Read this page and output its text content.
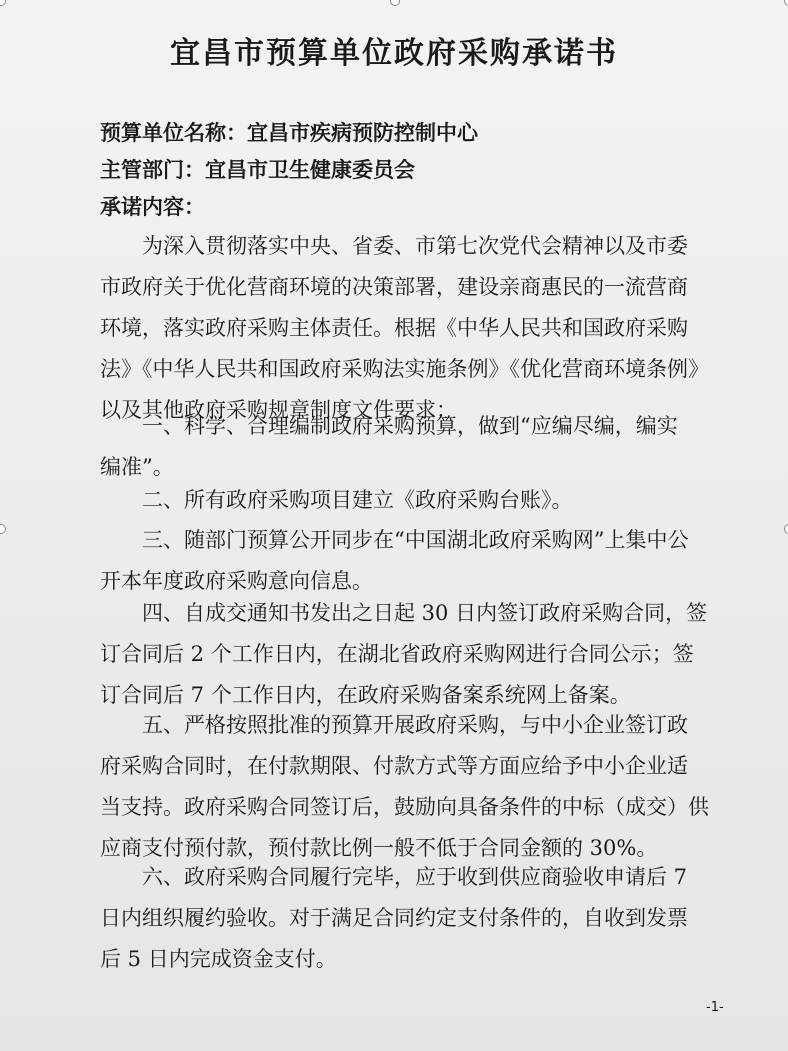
宜昌市预算单位政府采购承诺书
预算单位名称：宜昌市疾病预防控制中心
主管部门：宜昌市卫生健康委员会
承诺内容：
为深入贯彻落实中央、省委、市第七次党代会精神以及市委
市政府关于优化营商环境的决策部署，建设亲商惠民的一流营商
环境，落实政府采购主体责任。根据《中华人民共和国政府采购
法》《中华人民共和国政府采购法实施条例》《优化营商环境条例》
以及其他政府采购规章制度文件要求：
一、科学、合理编制政府采购预算，做到“应编尽编，编实
编准”。
二、所有政府采购项目建立《政府采购台账》。
三、随部门预算公开同步在“中国湖北政府采购网”上集中公
开本年度政府采购意向信息。
四、自成交通知书发出之日起 30 日内签订政府采购合同，签
订合同后 2 个工作日内，在湖北省政府采购网进行合同公示；签
订合同后 7 个工作日内，在政府采购备案系统网上备案。
五、严格按照批准的预算开展政府采购，与中小企业签订政
府采购合同时，在付款期限、付款方式等方面应给予中小企业适
当支持。政府采购合同签订后，鼓励向具备条件的中标（成交）供
应商支付预付款，预付款比例一般不低于合同金额的 30%。
六、政府采购合同履行完毕，应于收到供应商验收申请后 7
日内组织履约验收。对于满足合同约定支付条件的，自收到发票
后 5 日内完成资金支付。
-1-
